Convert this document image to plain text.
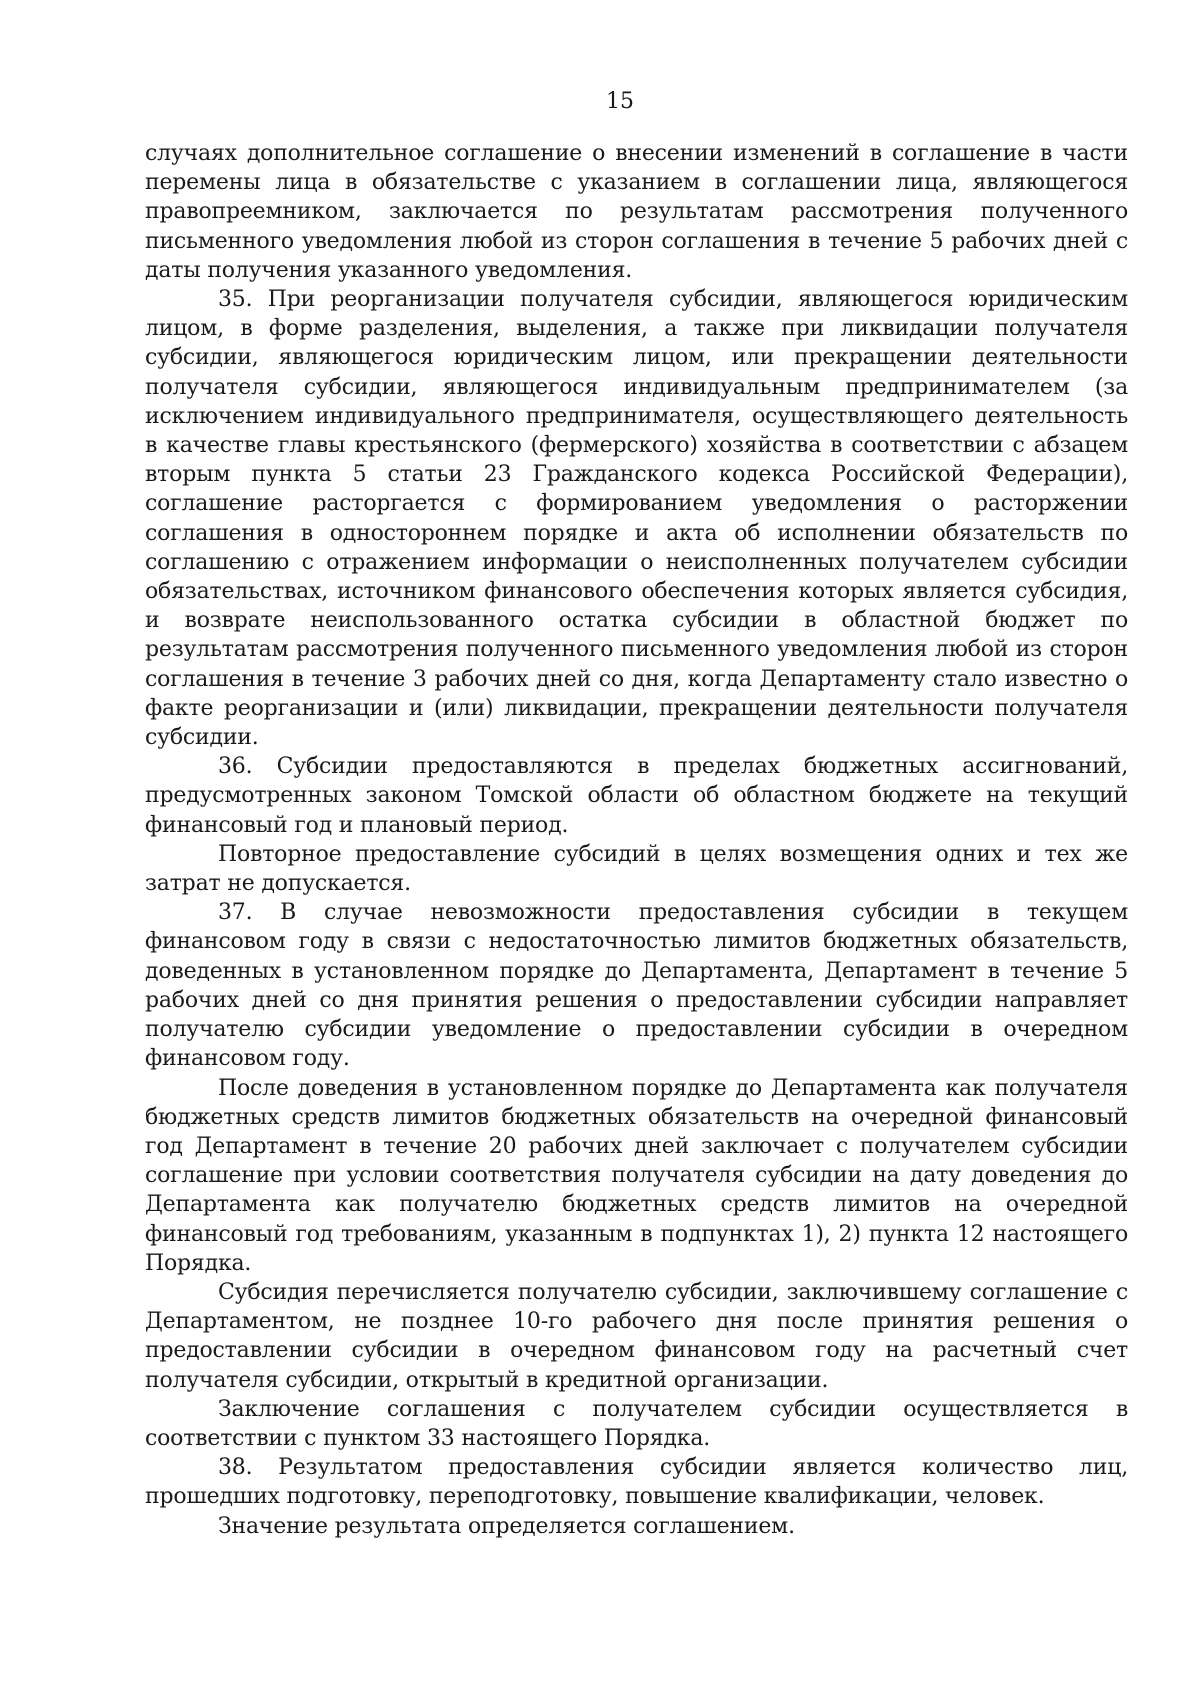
15

случаях дополнительное соглашение о внесении изменений в соглашение в части перемены лица в обязательстве с указанием в соглашении лица, являющегося правопреемником, заключается по результатам рассмотрения полученного письменного уведомления любой из сторон соглашения в течение 5 рабочих дней с даты получения указанного уведомления.

35. При реорганизации получателя субсидии, являющегося юридическим лицом, в форме разделения, выделения, а также при ликвидации получателя субсидии, являющегося юридическим лицом, или прекращении деятельности получателя субсидии, являющегося индивидуальным предпринимателем (за исключением индивидуального предпринимателя, осуществляющего деятельность в качестве главы крестьянского (фермерского) хозяйства в соответствии с абзацем вторым пункта 5 статьи 23 Гражданского кодекса Российской Федерации), соглашение расторгается с формированием уведомления о расторжении соглашения в одностороннем порядке и акта об исполнении обязательств по соглашению с отражением информации о неисполненных получателем субсидии обязательствах, источником финансового обеспечения которых является субсидия, и возврате неиспользованного остатка субсидии в областной бюджет по результатам рассмотрения полученного письменного уведомления любой из сторон соглашения в течение 3 рабочих дней со дня, когда Департаменту стало известно о факте реорганизации и (или) ликвидации, прекращении деятельности получателя субсидии.

36. Субсидии предоставляются в пределах бюджетных ассигнований, предусмотренных законом Томской области об областном бюджете на текущий финансовый год и плановый период.

Повторное предоставление субсидий в целях возмещения одних и тех же затрат не допускается.

37. В случае невозможности предоставления субсидии в текущем финансовом году в связи с недостаточностью лимитов бюджетных обязательств, доведенных в установленном порядке до Департамента, Департамент в течение 5 рабочих дней со дня принятия решения о предоставлении субсидии направляет получателю субсидии уведомление о предоставлении субсидии в очередном финансовом году.

После доведения в установленном порядке до Департамента как получателя бюджетных средств лимитов бюджетных обязательств на очередной финансовый год Департамент в течение 20 рабочих дней заключает с получателем субсидии соглашение при условии соответствия получателя субсидии на дату доведения до Департамента как получателю бюджетных средств лимитов на очередной финансовый год требованиям, указанным в подпунктах 1), 2) пункта 12 настоящего Порядка.

Субсидия перечисляется получателю субсидии, заключившему соглашение с Департаментом, не позднее 10-го рабочего дня после принятия решения о предоставлении субсидии в очередном финансовом году на расчетный счет получателя субсидии, открытый в кредитной организации.

Заключение соглашения с получателем субсидии осуществляется в соответствии с пунктом 33 настоящего Порядка.

38. Результатом предоставления субсидии является количество лиц, прошедших подготовку, переподготовку, повышение квалификации, человек.

Значение результата определяется соглашением.
